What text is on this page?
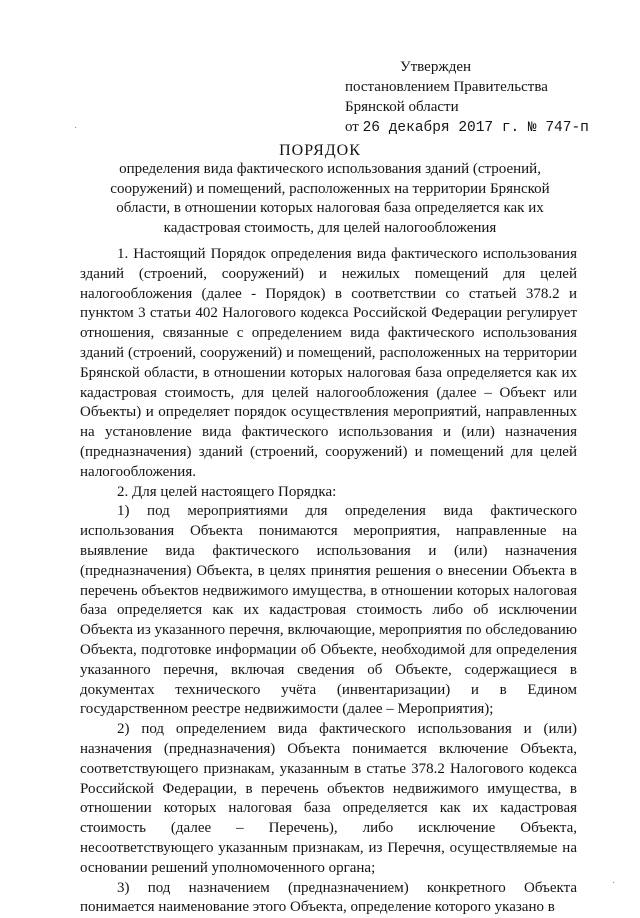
Утвержден
постановлением Правительства
Брянской области
от 26 декабря 2017 г. № 747-п
ПОРЯДОК
определения вида фактического использования зданий (строений, сооружений) и помещений, расположенных на территории Брянской области, в отношении которых налоговая база определяется как их кадастровая стоимость, для целей налогообложения

1. Настоящий Порядок определения вида фактического использования зданий (строений, сооружений) и нежилых помещений для целей налогообложения (далее - Порядок) в соответствии со статьей 378.2 и пунктом 3 статьи 402 Налогового кодекса Российской Федерации регулирует отношения, связанные с определением вида фактического использования зданий (строений, сооружений) и помещений, расположенных на территории Брянской области, в отношении которых налоговая база определяется как их кадастровая стоимость, для целей налогообложения (далее – Объект или Объекты) и определяет порядок осуществления мероприятий, направленных на установление вида фактического использования и (или) назначения (предназначения) зданий (строений, сооружений) и помещений для целей налогообложения.

2. Для целей настоящего Порядка:

1) под мероприятиями для определения вида фактического использования Объекта понимаются мероприятия, направленные на выявление вида фактического использования и (или) назначения (предназначения) Объекта, в целях принятия решения о внесении Объекта в перечень объектов недвижимого имущества, в отношении которых налоговая база определяется как их кадастровая стоимость либо об исключении Объекта из указанного перечня, включающие, мероприятия по обследованию Объекта, подготовке информации об Объекте, необходимой для определения указанного перечня, включая сведения об Объекте, содержащиеся в документах технического учёта (инвентаризации) и в Едином государственном реестре недвижимости (далее – Мероприятия);

2) под определением вида фактического использования и (или) назначения (предназначения) Объекта понимается включение Объекта, соответствующего признакам, указанным в статье 378.2 Налогового кодекса Российской Федерации, в перечень объектов недвижимого имущества, в отношении которых налоговая база определяется как их кадастровая стоимость (далее – Перечень), либо исключение Объекта, несоответствующего указанным признакам, из Перечня, осуществляемые на основании решений уполномоченного органа;

3) под назначением (предназначением) конкретного Объекта понимается наименование этого Объекта, определение которого указано в

·
·
